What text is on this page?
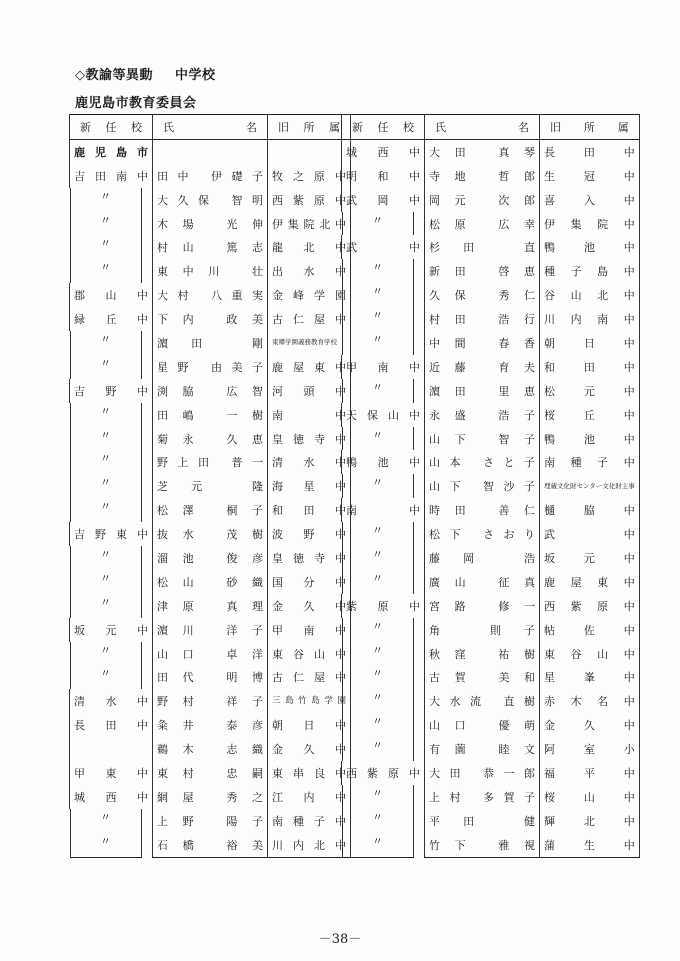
◇教諭等異動 中学校
鹿児島市教育委員会
新任校	氏名	旧所属
鹿児島市	

吉田南中	田中 伊礎子	牧之原中

〃	大久保 智明	西紫原中

〃	木場 光伸	伊集院北中

〃	村山 篤志	龍北中

〃	東中川 壮	出水中
郡山中	大村 八重実	金峰学園
緑丘中	下内 政美	古仁屋中

〃	濵田 剛	東郷学園義務教育学校

〃	星野 由美子	鹿屋東中
吉野中	渕脇 広智	河頭中

〃	田嶋 一樹	南中

〃	菊永 久恵	皇徳寺中

〃	野上田 普一	清水中

〃	芝元 隆	海星中

〃	松澤 桐子	和田中
吉野東中	抜水 茂樹	波野中

〃	溜池 俊彦	皇徳寺中

〃	松山 砂織	国分中

〃	津原 真理	金久中
坂元中	濵川 洋子	甲南中

〃	山口 卓洋	東谷山中

〃	田代 明博	古仁屋中
清水中	野村 祥子	三島竹島学園
長田中	粂井 泰彦	朝日中

	鵜木 志織	金久中
甲東中	東村 忠嗣	東串良中
城西中	網屋 秀之	江内中

〃	上野 陽子	南種子中

〃	石橋 裕美	川内北中
新任校	氏名	旧所属
城西中	大田 真琴	長田中
明和中	寺地 哲郎	生冠中
武岡中	岡元 次郎	喜入中

〃	松原 広幸	伊集院中
武中	杉田 直	鴨池中

〃	新田 啓恵	種子島中

〃	久保 秀仁	谷山北中

〃	村田 浩行	川内南中

〃	中間 春香	朝日中
甲南中	近藤 育夫	和田中

〃	濵田 里恵	松元中
天保山中	永盛 浩子	桜丘中

〃	山下 智子	鴨池中
鴨池中	山本 さと子	南種子中

〃	山下 智沙子	埋蔵文化財センター文化財主事
南中	時田 善仁	樋脇中

〃	松下 さおり	武中

〃	藤岡 浩	坂元中

〃	廣山 征真	鹿屋東中
紫原中	宮路 修一	西紫原中

〃	角 則子	帖佐中

〃	秋窪 祐樹	東谷山中

〃	古賀 美和	星峯中

〃	大水流 直樹	赤木名中

〃	山口 優萌	金久中

〃	有薗 睦文	阿室小
西紫原中	大田 恭一郎	福平中

〃	上村 多賀子	桜山中

〃	平田 健	輝北中

〃	竹下 雅視	蒲生中
－38－
